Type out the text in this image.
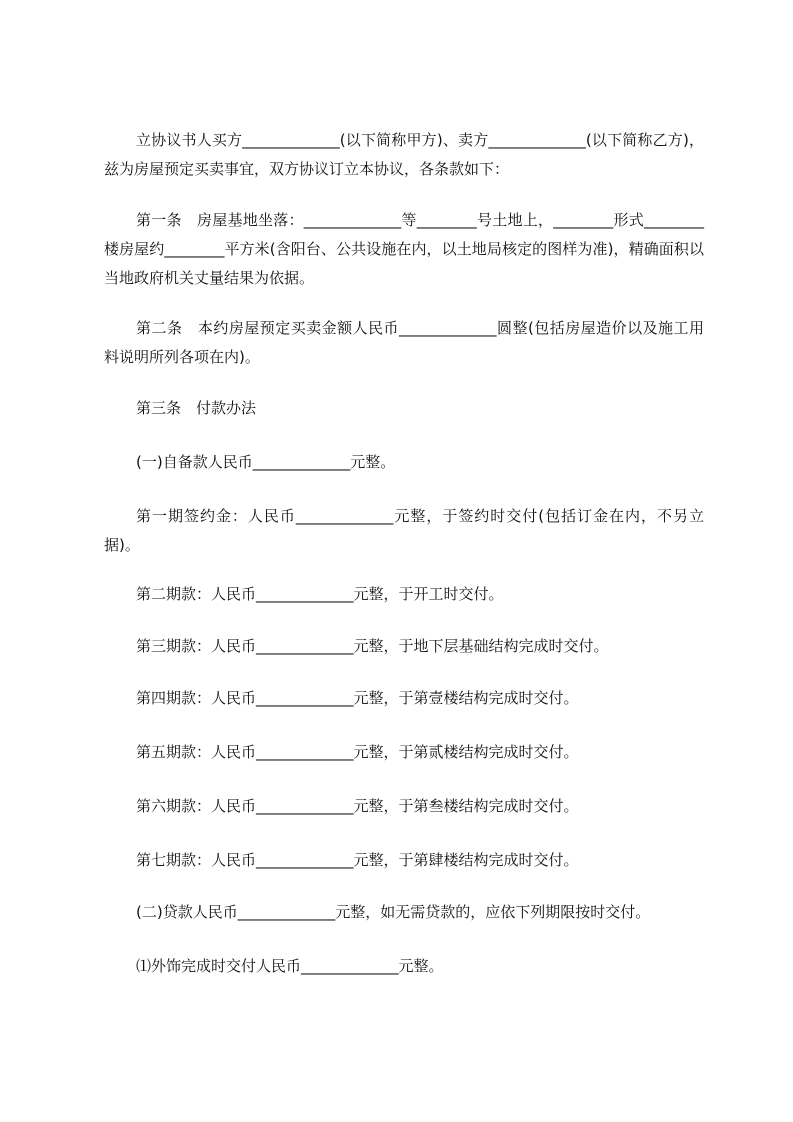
立协议书人买方_____________(以下简称甲方)、卖方_____________(以下简称乙方)，兹为房屋预定买卖事宜，双方协议订立本协议，各条款如下：

第一条　房屋基地坐落：_____________等________号土地上，________形式________楼房屋约________平方米(含阳台、公共设施在内，以土地局核定的图样为准)，精确面积以当地政府机关丈量结果为依据。

第二条　本约房屋预定买卖金额人民币_____________圆整(包括房屋造价以及施工用料说明所列各项在内)。

第三条　付款办法

(一)自备款人民币_____________元整。

第一期签约金：人民币_____________元整，于签约时交付(包括订金在内，不另立据)。

第二期款：人民币_____________元整，于开工时交付。

第三期款：人民币_____________元整，于地下层基础结构完成时交付。

第四期款：人民币_____________元整，于第壹楼结构完成时交付。

第五期款：人民币_____________元整，于第贰楼结构完成时交付。

第六期款：人民币_____________元整，于第叁楼结构完成时交付。

第七期款：人民币_____________元整，于第肆楼结构完成时交付。

(二)贷款人民币_____________元整，如无需贷款的，应依下列期限按时交付。

⑴外饰完成时交付人民币_____________元整。
